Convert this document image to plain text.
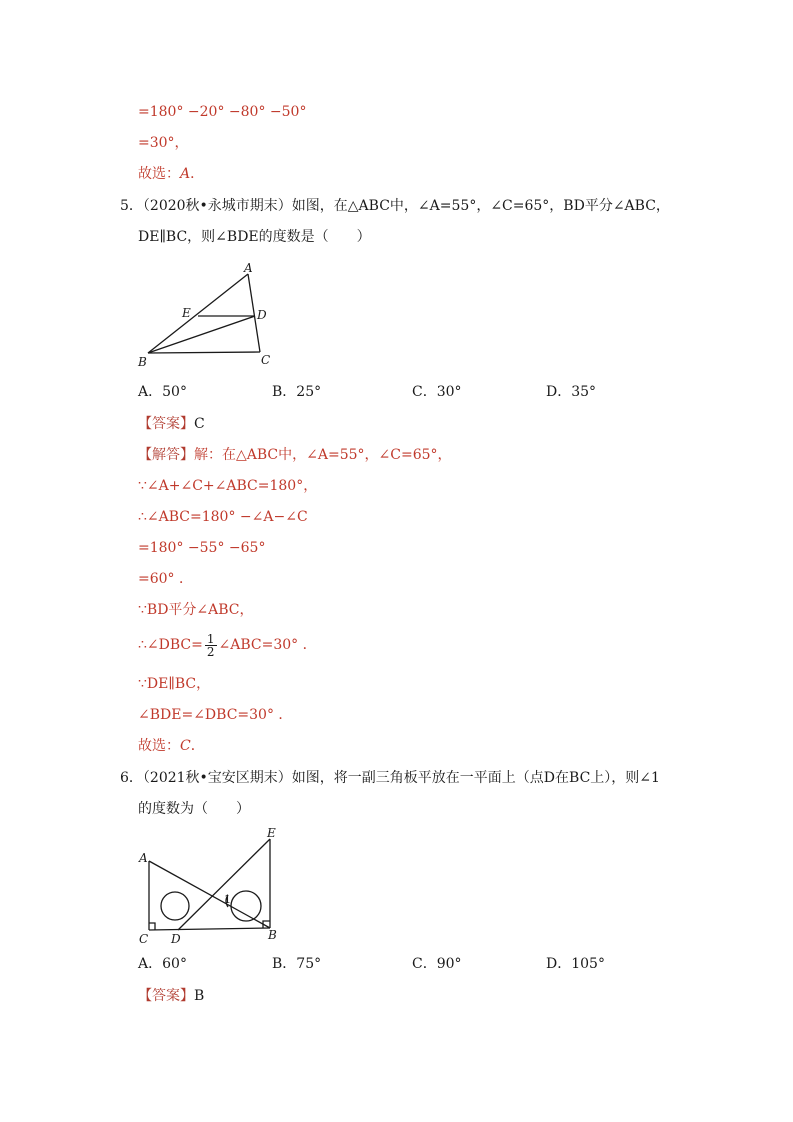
=180° −20° −80° −50°
=30°，
故选：A．
5．（2020秋•永城市期末）如图，在△ABC中，∠A=55°，∠C=65°，BD平分∠ABC，
DE∥BC，则∠BDE的度数是（　　）
A
E	D
B	C
A．50°	B．25°	C．30°	D．35°
【答案】C
【解答】解：在△ABC中，∠A=55°，∠C=65°，
∵∠A+∠C+∠ABC=180°，
∴∠ABC=180° −∠A−∠C
=180° −55° −65°
=60° ．
∵BD平分∠ABC，
∴∠DBC= $\frac{1}{2}$ ∠ABC=30° ．
∵DE∥BC，
∠BDE=∠DBC=30° ．
故选：C．
6．（2021秋•宝安区期末）如图，将一副三角板平放在一平面上（点D在BC上），则∠1
的度数为（　　）
A
E
1
C D	B
A．60°	B．75°	C．90°	D．105°
【答案】B
